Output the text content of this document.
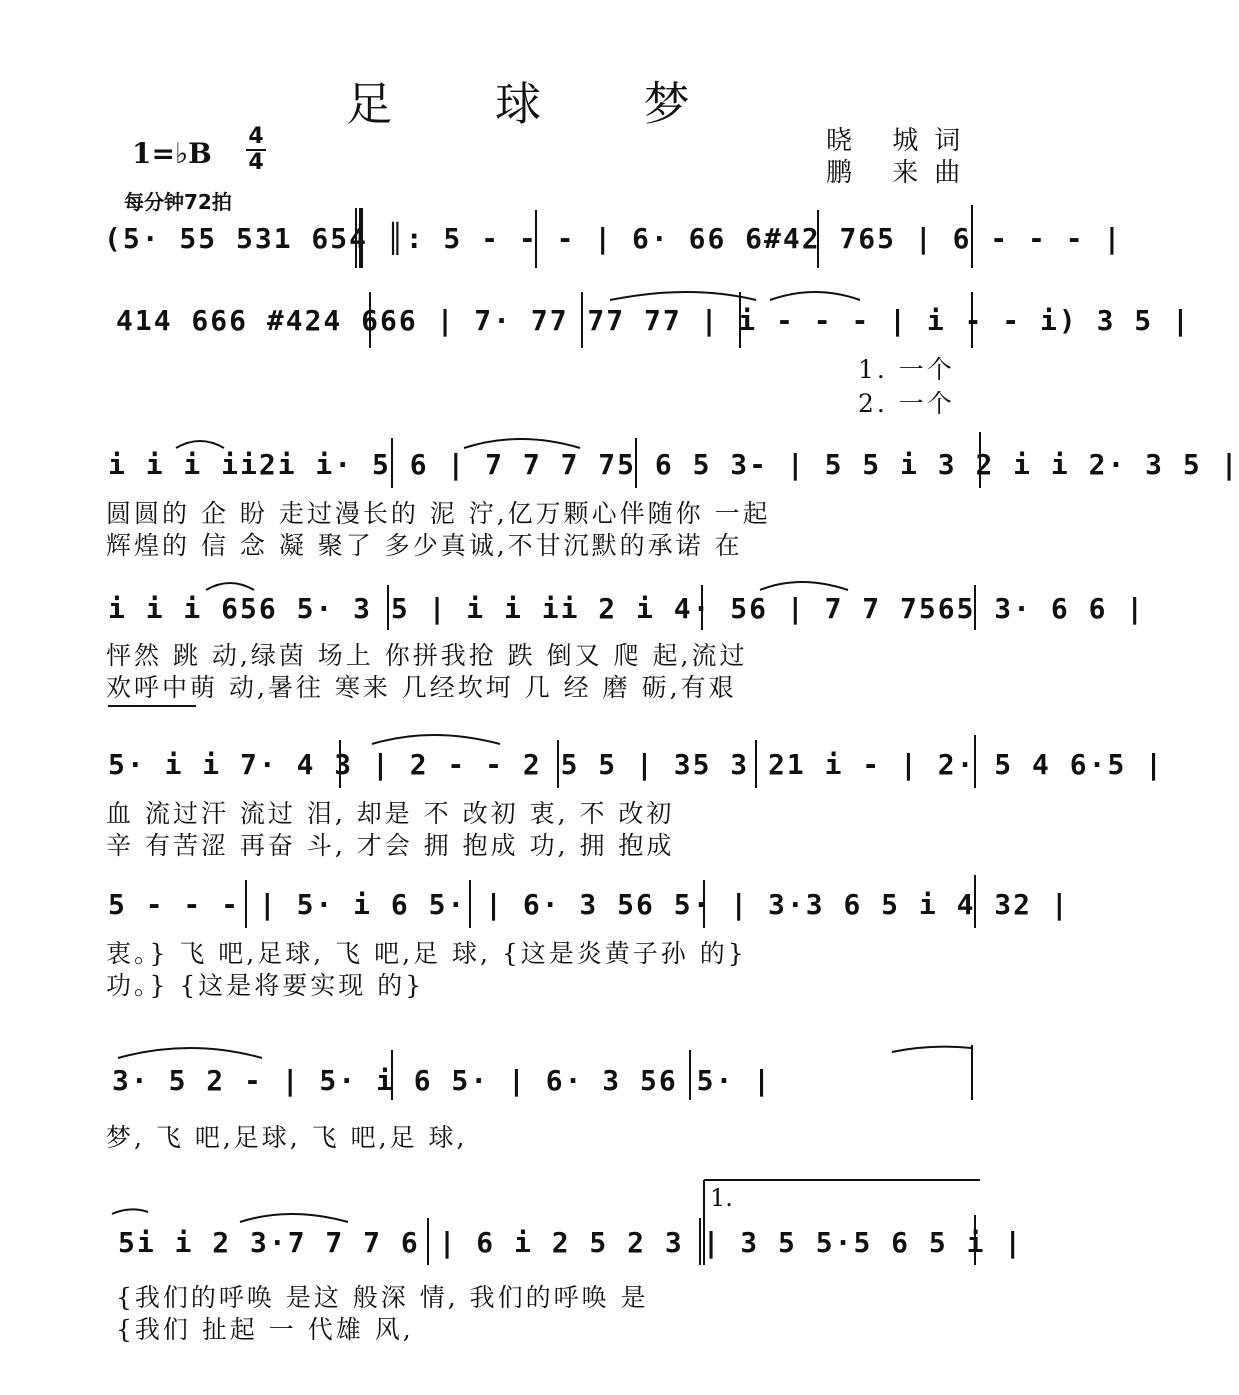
足 球 梦
1=♭B
4
4
每分钟72拍
晓 城词
鹏 来曲
(5· 55 531 654 ║: 5 - - - | 6· 66 6#42 765 | 6 - - - |
414 666 #424 666 | 7· 77 77 77 | i - - - | i - - i) 3 5 |
1. 一个
2. 一个
i i i ii2i i· 5 6 | 7 7 7 75 6 5 3- | 5 5 i 3 2 i i 2· 3 5 |
圆圆的 企 盼 走过漫长的 泥 泞,亿万颗心伴随你 一起
辉煌的 信 念 凝 聚了 多少真诚,不甘沉默的承诺 在
i i i 656 5· 3 5 | i i ii 2 i 4· 56 | 7 7 7565 3· 6 6 |
怦然 跳 动,绿茵 场上 你拼我抢 跌 倒又 爬 起,流过
欢呼中萌 动,暑往 寒来 几经坎坷 几 经 磨 砺,有艰
5· i i 7· 4 3 | 2 - - 2 5 5 | 35 3 21 i - | 2· 5 4 6·5 |
血 流过汗 流过 泪, 却是 不 改初 衷, 不 改初
辛 有苦涩 再奋 斗, 才会 拥 抱成 功, 拥 抱成
5 - - - | 5· i 6 5· | 6· 3 56 5· | 3·3 6 5 i 4 32 |
衷。} 飞 吧,足球, 飞 吧,足 球, {这是炎黄子孙 的}
功。} {这是将要实现 的}
3· 5 2 - | 5· i 6 5· | 6· 3 56 5· |
梦, 飞 吧,足球, 飞 吧,足 球,
1.
5i i 2 3·7 7 7 6 | 6 i 2 5 2 3 | 3 5 5·5 6 5 i |
{我们的呼唤 是这 般深 情, 我们的呼唤 是
{我们 扯起 一 代雄 风,
